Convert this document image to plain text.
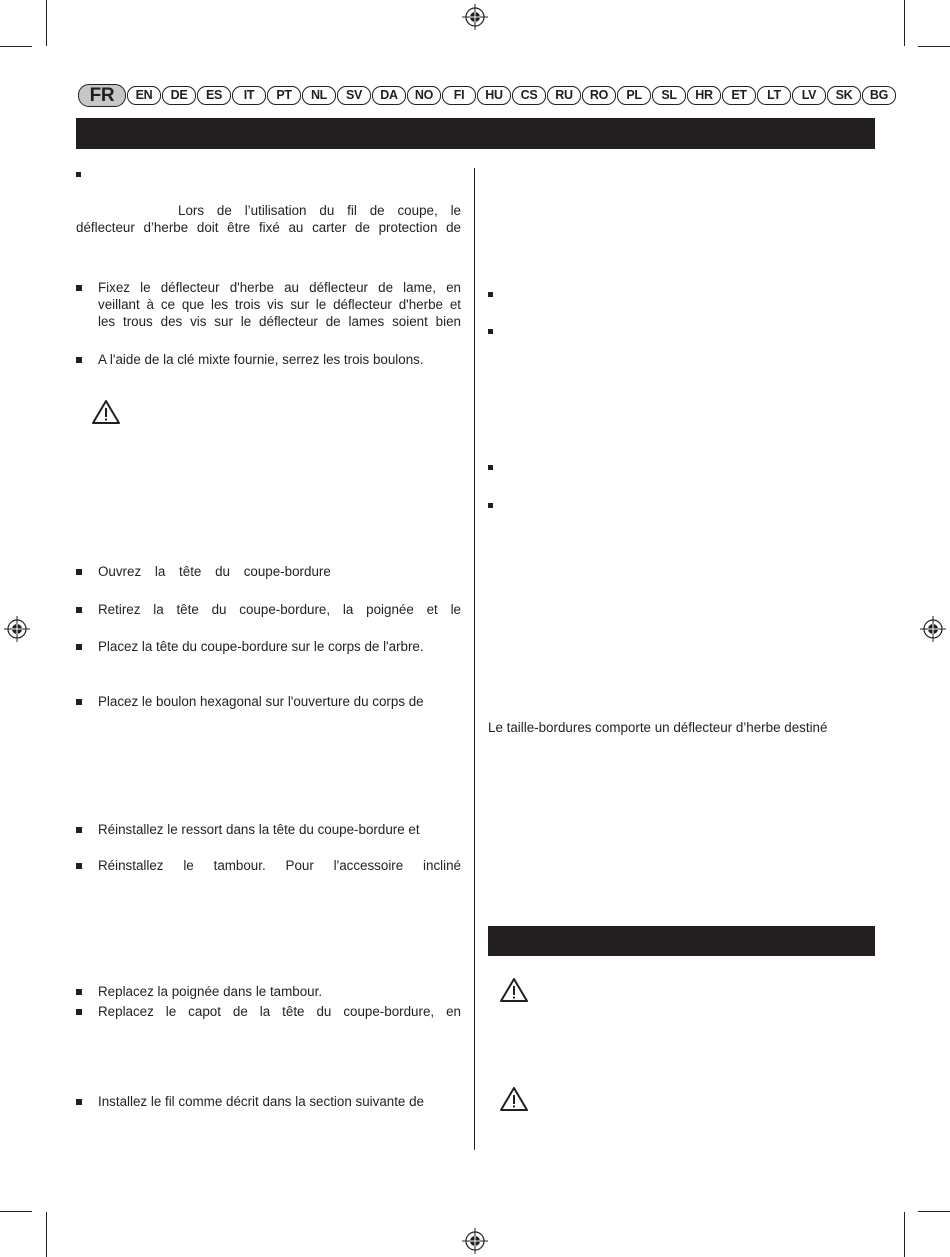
FR	EN	DE	ES	IT	PT	NL	SV	DA	NO	FI	HU	CS	RU	RO	PL	SL	HR	ET	LT	LV	SK	BG
Lors de l’utilisation du fil de coupe, le
déflecteur d’herbe doit être fixé au carter de protection de
Fixez le déflecteur d'herbe au déflecteur de lame, en
veillant à ce que les trois vis sur le déflecteur d'herbe et
les trous des vis sur le déflecteur de lames soient bien
A l'aide de la clé mixte fournie, serrez les trois boulons.
Ouvrez la tête du coupe-bordure
Retirez la tête du coupe-bordure, la poignée et le
Placez la tête du coupe-bordure sur le corps de l'arbre.
Placez le boulon hexagonal sur l'ouverture du corps de
Réinstallez le ressort dans la tête du coupe-bordure et
Réinstallez le tambour. Pour l'accessoire incliné
Replacez la poignée dans le tambour.
Replacez le capot de la tête du coupe-bordure, en
Installez le fil comme décrit dans la section suivante de
Le taille-bordures comporte un déflecteur d’herbe destiné
